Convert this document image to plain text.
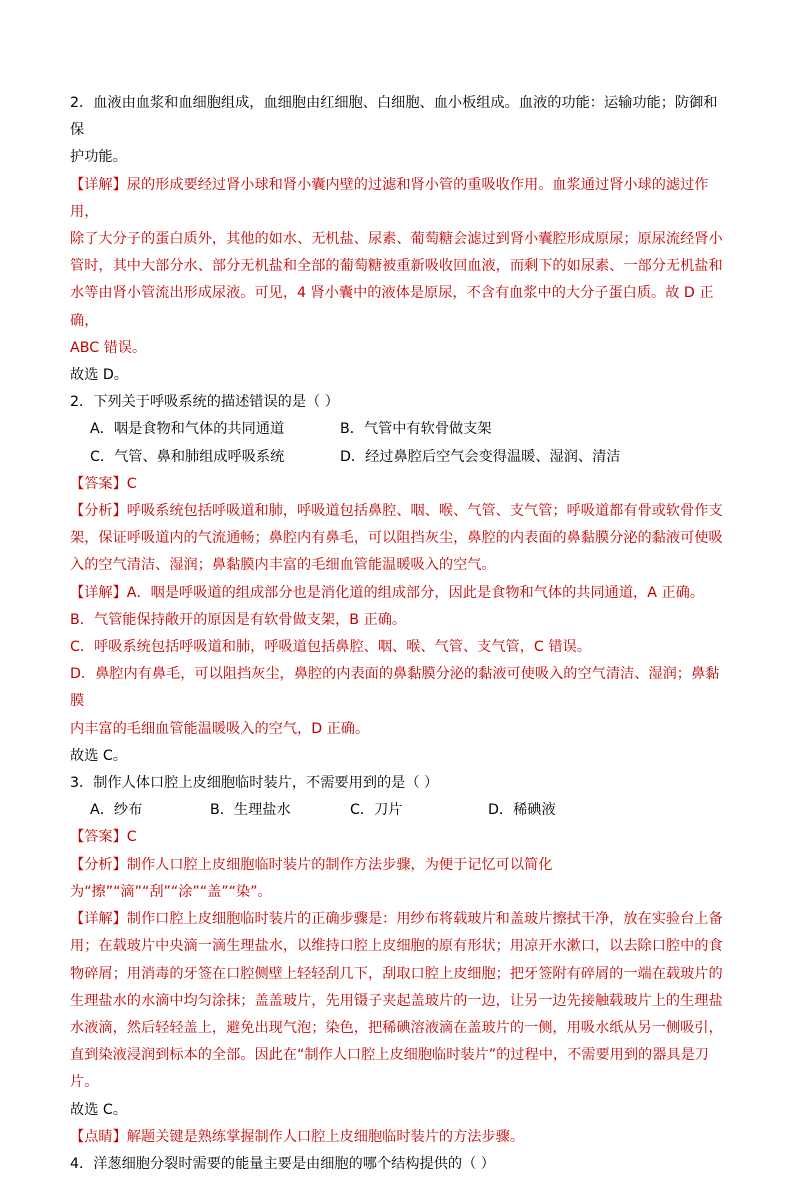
2．血液由血浆和血细胞组成，血细胞由红细胞、白细胞、血小板组成。血液的功能：运输功能；防御和保

护功能。

【详解】尿的形成要经过肾小球和肾小囊内壁的过滤和肾小管的重吸收作用。血浆通过肾小球的滤过作用，

除了大分子的蛋白质外，其他的如水、无机盐、尿素、葡萄糖会滤过到肾小囊腔形成原尿；原尿流经肾小

管时，其中大部分水、部分无机盐和全部的葡萄糖被重新吸收回血液，而剩下的如尿素、一部分无机盐和

水等由肾小管流出形成尿液。可见，4 肾小囊中的液体是原尿，不含有血浆中的大分子蛋白质。故 D 正确，

ABC 错误。

故选 D。

2．下列关于呼吸系统的描述错误的是（ ）

A．咽是食物和气体的共同通道	B．气管中有软骨做支架

C．气管、鼻和肺组成呼吸系统	D．经过鼻腔后空气会变得温暖、湿润、清洁

【答案】C

【分析】呼吸系统包括呼吸道和肺，呼吸道包括鼻腔、咽、喉、气管、支气管；呼吸道都有骨或软骨作支

架，保证呼吸道内的气流通畅；鼻腔内有鼻毛，可以阻挡灰尘，鼻腔的内表面的鼻黏膜分泌的黏液可使吸

入的空气清洁、湿润；鼻黏膜内丰富的毛细血管能温暖吸入的空气。

【详解】A．咽是呼吸道的组成部分也是消化道的组成部分，因此是食物和气体的共同通道，A 正确。

B．气管能保持敞开的原因是有软骨做支架，B 正确。

C．呼吸系统包括呼吸道和肺，呼吸道包括鼻腔、咽、喉、气管、支气管，C 错误。

D．鼻腔内有鼻毛，可以阻挡灰尘，鼻腔的内表面的鼻黏膜分泌的黏液可使吸入的空气清洁、湿润；鼻黏膜

内丰富的毛细血管能温暖吸入的空气，D 正确。

故选 C。

3．制作人体口腔上皮细胞临时装片，不需要用到的是（ ）

A．纱布	B．生理盐水	C．刀片	D．稀碘液

【答案】C

【分析】制作人口腔上皮细胞临时装片的制作方法步骤，为便于记忆可以简化为“擦”“滴”“刮”“涂”“盖”“染”。

【详解】制作口腔上皮细胞临时装片的正确步骤是：用纱布将载玻片和盖玻片擦拭干净，放在实验台上备

用；在载玻片中央滴一滴生理盐水，以维持口腔上皮细胞的原有形状；用凉开水漱口，以去除口腔中的食

物碎屑；用消毒的牙签在口腔侧壁上轻轻刮几下，刮取口腔上皮细胞；把牙签附有碎屑的一端在载玻片的

生理盐水的水滴中均匀涂抹；盖盖玻片，先用镊子夹起盖玻片的一边，让另一边先接触载玻片上的生理盐

水液滴，然后轻轻盖上，避免出现气泡；染色，把稀碘溶液滴在盖玻片的一侧，用吸水纸从另一侧吸引，

直到染液浸润到标本的全部。因此在“制作人口腔上皮细胞临时装片”的过程中，不需要用到的器具是刀片。

故选 C。

【点睛】解题关键是熟练掌握制作人口腔上皮细胞临时装片的方法步骤。

4．洋葱细胞分裂时需要的能量主要是由细胞的哪个结构提供的（ ）
